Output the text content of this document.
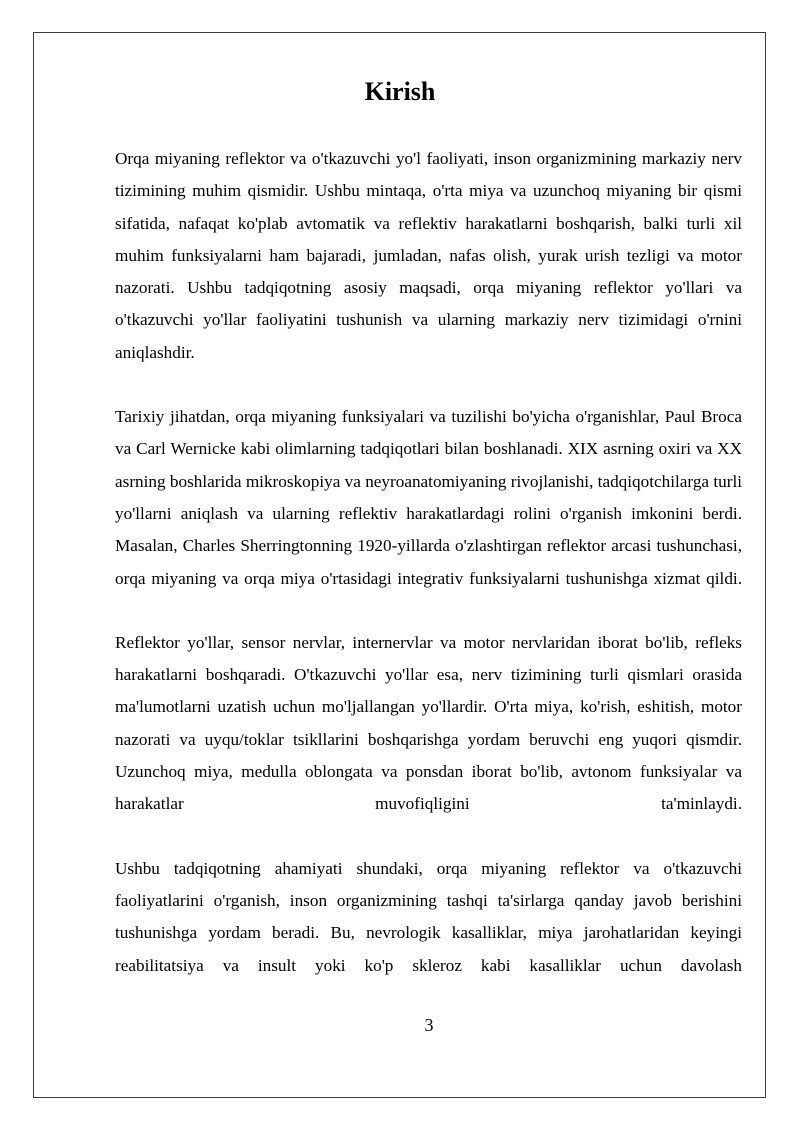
Kirish

Orqa miyaning reflektor va o'tkazuvchi yo'l faoliyati, inson organizmining markaziy nerv tizimining muhim qismidir. Ushbu mintaqa, o'rta miya va uzunchoq miyaning bir qismi sifatida, nafaqat ko'plab avtomatik va reflektiv harakatlarni boshqarish, balki turli xil muhim funksiyalarni ham bajaradi, jumladan, nafas olish, yurak urish tezligi va motor nazorati. Ushbu tadqiqotning asosiy maqsadi, orqa miyaning reflektor yo'llari va o'tkazuvchi yo'llar faoliyatini tushunish va ularning markaziy nerv tizimidagi o'rnini aniqlashdir.

Tarixiy jihatdan, orqa miyaning funksiyalari va tuzilishi bo'yicha o'rganishlar, Paul Broca va Carl Wernicke kabi olimlarning tadqiqotlari bilan boshlanadi. XIX asrning oxiri va XX asrning boshlarida mikroskopiya va neyroanatomiyaning rivojlanishi, tadqiqotchilarga turli yo'llarni aniqlash va ularning reflektiv harakatlardagi rolini o'rganish imkonini berdi. Masalan, Charles Sherringtonning 1920-yillarda o'zlashtirgan reflektor arcasi tushunchasi, orqa miyaning va orqa miya o'rtasidagi integrativ funksiyalarni tushunishga xizmat qildi.

Reflektor yo'llar, sensor nervlar, internervlar va motor nervlaridan iborat bo'lib, refleks harakatlarni boshqaradi. O'tkazuvchi yo'llar esa, nerv tizimining turli qismlari orasida ma'lumotlarni uzatish uchun mo'ljallangan yo'llardir. O'rta miya, ko'rish, eshitish, motor nazorati va uyqu/toklar tsikllarini boshqarishga yordam beruvchi eng yuqori qismdir. Uzunchoq miya, medulla oblongata va ponsdan iborat bo'lib, avtonom funksiyalar va harakatlar muvofiqligini ta'minlaydi.

Ushbu tadqiqotning ahamiyati shundaki, orqa miyaning reflektor va o'tkazuvchi faoliyatlarini o'rganish, inson organizmining tashqi ta'sirlarga qanday javob berishini tushunishga yordam beradi. Bu, nevrologik kasalliklar, miya jarohatlaridan keyingi reabilitatsiya va insult yoki ko'p skleroz kabi kasalliklar uchun davolash

3
